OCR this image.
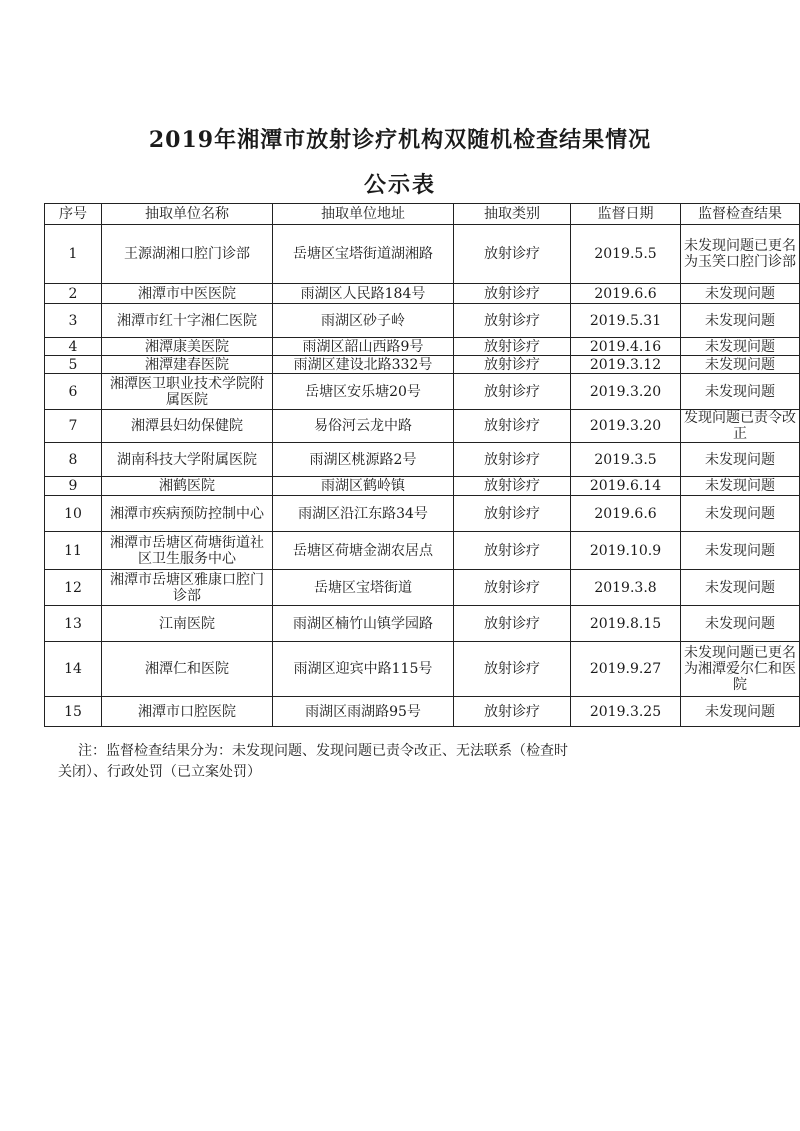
2019年湘潭市放射诊疗机构双随机检查结果情况
公示表
序号	抽取单位名称	抽取单位地址	抽取类别	监督日期	监督检查结果
1	王源湖湘口腔门诊部	岳塘区宝塔街道湖湘路	放射诊疗	2019.5.5	未发现问题已更名为玉笑口腔门诊部
2	湘潭市中医医院	雨湖区人民路184号	放射诊疗	2019.6.6	未发现问题
3	湘潭市红十字湘仁医院	雨湖区砂子岭	放射诊疗	2019.5.31	未发现问题
4	湘潭康美医院	雨湖区韶山西路9号	放射诊疗	2019.4.16	未发现问题
5	湘潭建春医院	雨湖区建设北路332号	放射诊疗	2019.3.12	未发现问题
6	湘潭医卫职业技术学院附属医院	岳塘区安乐塘20号	放射诊疗	2019.3.20	未发现问题
7	湘潭县妇幼保健院	易俗河云龙中路	放射诊疗	2019.3.20	发现问题已责令改正
8	湖南科技大学附属医院	雨湖区桃源路2号	放射诊疗	2019.3.5	未发现问题
9	湘鹤医院	雨湖区鹤岭镇	放射诊疗	2019.6.14	未发现问题
10	湘潭市疾病预防控制中心	雨湖区沿江东路34号	放射诊疗	2019.6.6	未发现问题
11	湘潭市岳塘区荷塘街道社区卫生服务中心	岳塘区荷塘金湖农居点	放射诊疗	2019.10.9	未发现问题
12	湘潭市岳塘区雅康口腔门诊部	岳塘区宝塔街道	放射诊疗	2019.3.8	未发现问题
13	江南医院	雨湖区楠竹山镇学园路	放射诊疗	2019.8.15	未发现问题
14	湘潭仁和医院	雨湖区迎宾中路115号	放射诊疗	2019.9.27	未发现问题已更名为湘潭爱尔仁和医院
15	湘潭市口腔医院	雨湖区雨湖路95号	放射诊疗	2019.3.25	未发现问题
注：监督检查结果分为：未发现问题、发现问题已责令改正、无法联系（检查时
关闭）、行政处罚（已立案处罚）
